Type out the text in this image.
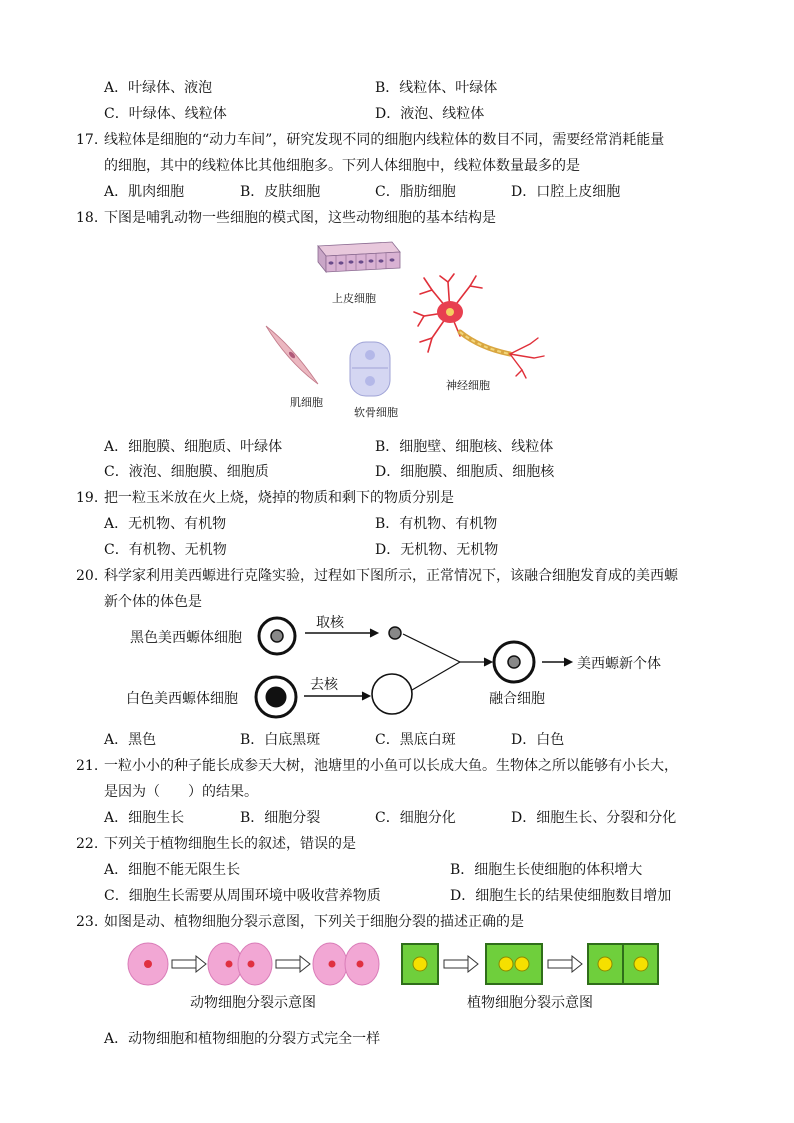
A．叶绿体、液泡	B．线粒体、叶绿体
C．叶绿体、线粒体	D．液泡、线粒体
17. 线粒体是细胞的“动力车间”，研究发现不同的细胞内线粒体的数目不同，需要经常消耗能量
的细胞，其中的线粒体比其他细胞多。下列人体细胞中，线粒体数量最多的是
A．肌肉细胞	B．皮肤细胞	C．脂肪细胞	D．口腔上皮细胞
18. 下图是哺乳动物一些细胞的模式图，这些动物细胞的基本结构是
上皮细胞
神经细胞
肌细胞
软骨细胞
A．细胞膜、细胞质、叶绿体	B．细胞壁、细胞核、线粒体
C．液泡、细胞膜、细胞质	D．细胞膜、细胞质、细胞核
19. 把一粒玉米放在火上烧，烧掉的物质和剩下的物质分别是
A．无机物、有机物	B．有机物、有机物
C．有机物、无机物	D．无机物、无机物
20. 科学家利用美西螈进行克隆实验，过程如下图所示，正常情况下，该融合细胞发育成的美西螈
新个体的体色是
黑色美西螈体细胞
取核
白色美西螈体细胞
去核
融合细胞
美西螈新个体
A．黑色	B．白底黑斑	C．黑底白斑	D．白色
21. 一粒小小的种子能长成参天大树，池塘里的小鱼可以长成大鱼。生物体之所以能够有小长大，
是因为（　　）的结果。
A．细胞生长	B．细胞分裂	C．细胞分化	D．细胞生长、分裂和分化
22. 下列关于植物细胞生长的叙述，错误的是
A．细胞不能无限生长	B．细胞生长使细胞的体积增大
C．细胞生长需要从周围环境中吸收营养物质	D．细胞生长的结果使细胞数目增加
23. 如图是动、植物细胞分裂示意图，下列关于细胞分裂的描述正确的是
动物细胞分裂示意图	植物细胞分裂示意图
A．动物细胞和植物细胞的分裂方式完全一样
